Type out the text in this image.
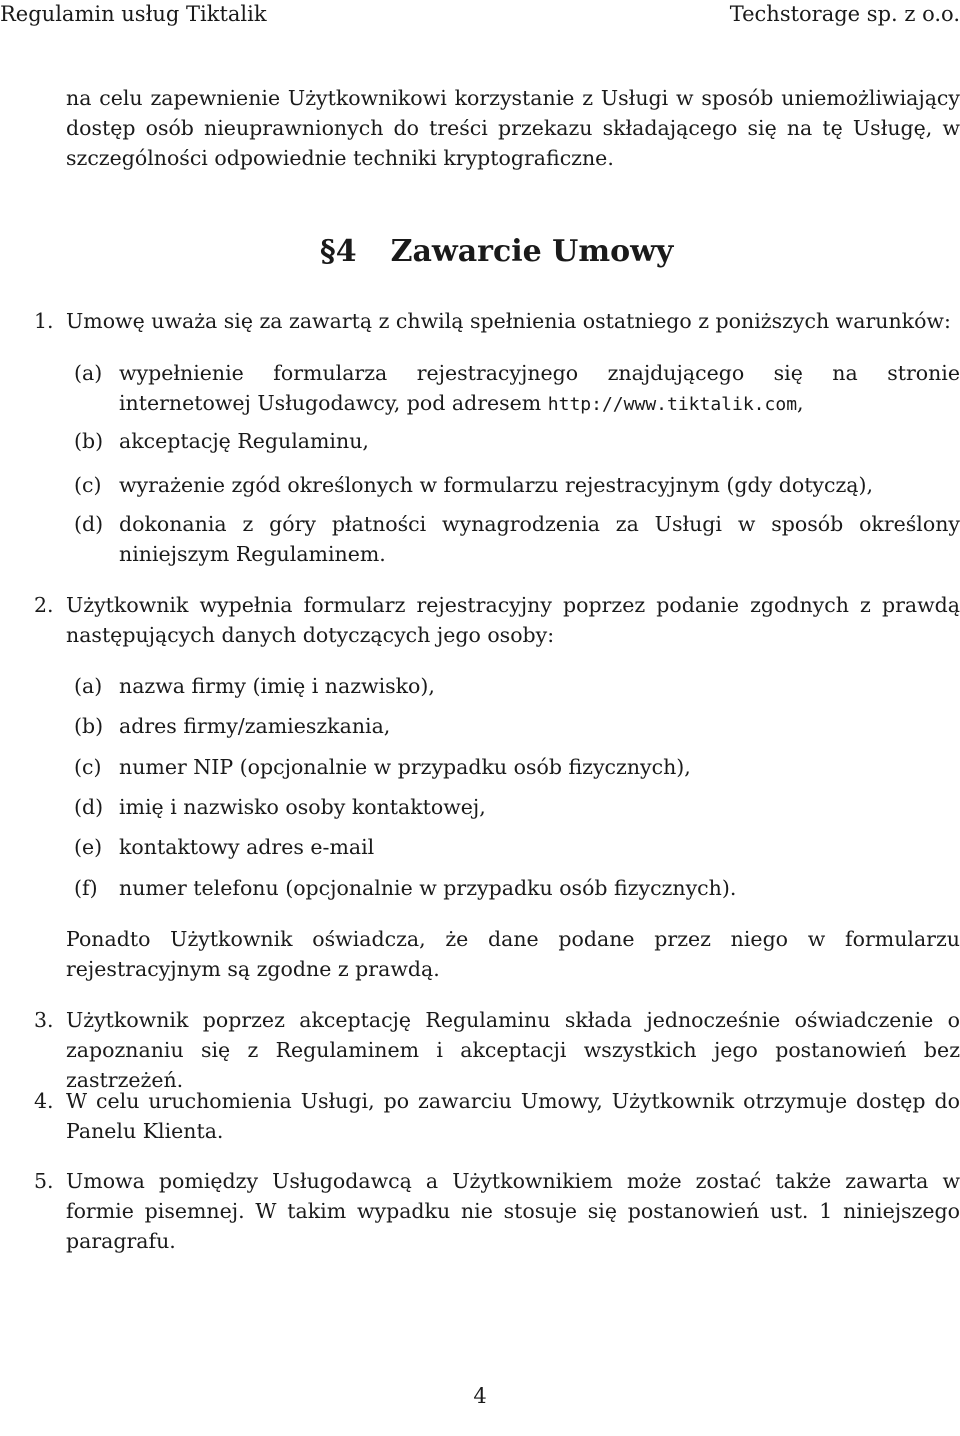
Regulamin usług Tiktalik	Techstorage sp. z o.o.
na celu zapewnienie Użytkownikowi korzystanie z Usługi w sposób uniemożliwiający dostęp osób nieuprawnionych do treści przekazu składającego się na tę Usługę, w szczególności odpowiednie techniki kryptograficzne.
§4 Zawarcie Umowy
1. Umowę uważa się za zawartą z chwilą spełnienia ostatniego z poniższych warunków:
(a) wypełnienie formularza rejestracyjnego znajdującego się na stronie internetowej Usługodawcy, pod adresem http://www.tiktalik.com,
(b) akceptację Regulaminu,
(c) wyrażenie zgód określonych w formularzu rejestracyjnym (gdy dotyczą),
(d) dokonania z góry płatności wynagrodzenia za Usługi w sposób określony niniejszym Regulaminem.
2. Użytkownik wypełnia formularz rejestracyjny poprzez podanie zgodnych z prawdą następujących danych dotyczących jego osoby:
(a) nazwa firmy (imię i nazwisko),
(b) adres firmy/zamieszkania,
(c) numer NIP (opcjonalnie w przypadku osób fizycznych),
(d) imię i nazwisko osoby kontaktowej,
(e) kontaktowy adres e-mail
(f) numer telefonu (opcjonalnie w przypadku osób fizycznych).
Ponadto Użytkownik oświadcza, że dane podane przez niego w formularzu rejestracyjnym są zgodne z prawdą.
3. Użytkownik poprzez akceptację Regulaminu składa jednocześnie oświadczenie o zapoznaniu się z Regulaminem i akceptacji wszystkich jego postanowień bez zastrzeżeń.
4. W celu uruchomienia Usługi, po zawarciu Umowy, Użytkownik otrzymuje dostęp do Panelu Klienta.
5. Umowa pomiędzy Usługodawcą a Użytkownikiem może zostać także zawarta w formie pisemnej. W takim wypadku nie stosuje się postanowień ust. 1 niniejszego paragrafu.
4
